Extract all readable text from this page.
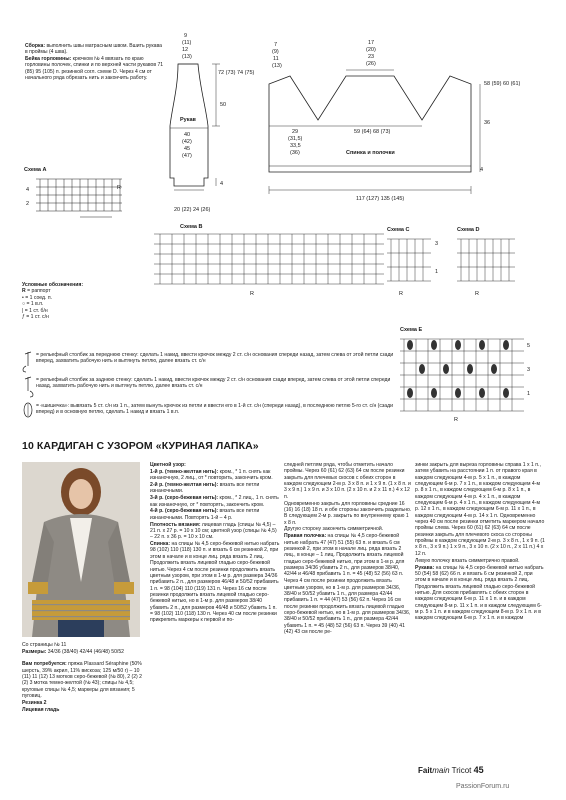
Сборка: выполнить швы матрасным швом. Вшить рукава в проймы (4 шва).
Бейка горловины: крючком № 4 ввязать по краю горловины полочек, спинки и по верхней части рукавов 71 (85) 95 (105) п. резинкой согл. схеме D. Через 4 см от начального ряда обрезать нить и закончить работу.
9
(11)
12
(13)
72 (73) 74 (75)
50
4
Рукав
40
(42)
45
(47)
20 (22) 24 (26)
7
(9)
11
(13)
17
(20)
23
(26)
58 (59) 60 (61)
36
4
29
(31,5)
33,5
(36)
59 (64) 68 (73)
Спинка и полочки
117 (127) 135 (145)
Схема A
4
2
R
Схема B
R
Схема C
3
1
R
Схема D
R
Схема E
5
3
1
R
Условные обозначения:
R = раппорт
• = 1 соед. п.
○ = 1 в.п.
| = 1 ст. б/н
ƒ = 1 ст. с/н
= рельефный столбик за переднюю стенку: сделать 1 накид, ввести крючок между 2 ст. с/н основания спереди назад, затем слева от этой петли сзади вперед, захватить рабочую нить и вытянуть петлю, далее вязать ст. с/н
= рельефный столбик за заднюю стенку: сделать 1 накид, ввести крючок между 2 ст. с/н основания сзади вперед, затем слева от этой петли спереди назад, захватить рабочую нить и вытянуть петлю, далее вязать ст. с/н
= «шишечка»: вывязать 5 ст. с/н из 1 п., затем вынуть крючок из петли и ввести его в 1-й ст. с/н (спереди назад), в последнюю петлю 5-го ст. с/н (сзади вперед) и в основную петлю, сделать 1 накид и вязать 1 в.п.
10 КАРДИГАН С УЗОРОМ «КУРИНАЯ ЛАПКА»

Со страницы № 11

Размеры: 34/36 (38/40) 42/44 (46/48) 50/52

Вам потребуется: пряжа Plassard Séraphine (50% шерсть, 39% акрил, 11% вискоза; 125 м/50 г) – 10 (11) 11 (12) 13 мотков серо-бежевой (№ 80), 2 (2) 2 (2) 3 мотка темно-желтой (№ 43); спицы № 4,5; круговые спицы № 4,5; маркеры для вязания; 5 пуговиц.

Резинка 2

Лицевая гладь

Цветной узор:

1-й р. (темно-желтая нить): кром., * 1 п. снять как изнаночную, 2 лиц., от * повторить, закончить кром.

2-й р. (темно-желтая нить): вязать все петли изнаночными.

3-й р. (серо-бежевая нить): кром., * 2 лиц., 1 п. снять как изнаночную, от * повторять, закончить кром.

4-й р. (серо-бежевая нить): вязать все петли изнаночными. Повторять 1-й – 4 р.

Плотность вязания: лицевая гладь (спицы № 4,5) – 21 п. x 27 р. = 10 x 10 см; цветной узор (спицы № 4,5) – 22 п. x 36 р. = 10 x 10 см.

Спинка: на спицы № 4,5 серо-бежевой нитью набрать 98 (102) 110 (118) 130 п. и вязать 6 см резинкой 2, при этом в начале и в конце лиц. ряда вязать 2 лиц. Продолжить вязать лицевой гладью серо-бежевой нитью. Через 4 см после резинки продолжить вязать цветным узором, при этом в 1-м р. для размера 34/36 прибавить 2 п., для размеров 46/48 и 50/52 прибавить 1 п. = 98 (104) 110 (119) 131 п. Через 16 см после резинки продолжить вязать лицевой гладью серо-бежевой нитью, но в 1-м р. для размеров 38/40 убавить 2 п., для размеров 46/48 и 50/52 убавить 1 п. = 98 (102) 110 (118) 130 п. Через 40 см после резинки прикрепить маркеры к первой и по-

следней петлям ряда, чтобы отметить начало проймы. Через 60 (61) 62 (63) 64 см после резинки закрыть для плечевых скосов с обеих сторон в каждом следующем 2-м р. 3 x 8 п. и 1 x 9 п. (1 x 8 п. и 3 x 9 п.) 1 x 9 п. и 3 x 10 п. (2 x 10 п. и 2 x 11 п.) 4 x 12 п.

Одновременно закрыть для горловины средние 16 (16) 16 (18) 18 п. и обе стороны закончить раздельно. В следующем 2-м р. закрыть по внутреннему краю 1 x 8 п.

Другую сторону закончить симметричной.

Правая полочка: на спицы № 4,5 серо-бежевой нитью набрать 47 (47) 51 (55) 63 п. и вязать 6 см резинкой 2, при этом в начале лиц. ряда вязать 2 лиц., в конце – 1 лиц. Продолжить вязать лицевой гладью серо-бежевой нитью, при этом в 1-м р. для размера 34/36 убавить 2 п., для размеров 38/40, 42/44 и 46/48 прибавить 1 п. = 45 (48) 52 (56) 63 п.

Через 4 см после резинки продолжить вязать цветным узором, но в 1-м р. для размеров 34/36, 38/40 и 50/52 убавить 1 п., для размера 42/44 прибавить 1 п. = 44 (47) 53 (56) 62 п. Через 16 см после резинки продолжить вязать лицевой гладью серо-бежевой нитью, но в 1-м р. для размеров 34/36, 38/40 и 50/52 прибавить 1 п., для размера 42/44 убавить 1 п. = 45 (48) 52 (56) 63 п. Через 39 (40) 41 (42) 43 см после ре-

зинки закрыть для выреза горловины справа 1 x 1 п., затем убавить на расстоянии 1 п. от правого края в каждом следующем 4-м р. 5 x 1 п., в каждом следующем 6-м р. 7 x 1 п., в каждом следующем 4-м р. 8 x 1 п., в каждом следующем 6-м р. 8 x 1 п., в каждом следующем 4-м р. 4 x 1 п., в каждом следующем 6-м р. 4 x 1 п., в каждом следующем 4-м р. 12 x 1 п., в каждом следующем 6-м р. 11 x 1 п., в каждом следующем 4-м р. 14 x 1 п. Одновременно через 40 см после резинки отметить маркером начало проймы слева. Через 60 (61) 62 (63) 64 см после резинки закрыть для плечевого скоса со стороны проймы в каждом следующем 2-м р. 3 x 8 п., 1 x 9 п. (1 x 8 п., 3 x 9 п.) 1 x 9 п., 3 x 10 п. (2 x 10 п., 2 x 11 п.) 4 x 12 п.

Левую полочку вязать симметрично правой.

Рукава: на спицы № 4,5 серо-бежевой нитью набрать 50 (54) 58 (62) 66 п. и вязать 6 см резинкой 2, при этом в начале и в конце лиц. ряда вязать 2 лиц. Продолжить вязать лицевой гладью серо-бежевой нитью. Для скосов прибавлять с обеих сторон в каждом следующем 6-м р. 11 x 1 п. и в каждом следующем 8-м р. 11 x 1 п. и в каждом следующем 6-м р. 5 x 1 п. и в каждом следующем 8-м р. 9 x 1 п. и в каждом следующем 6-м р. 7 x 1 п. и в каждом

Faitmain Tricot 45
PassionForum.ru
